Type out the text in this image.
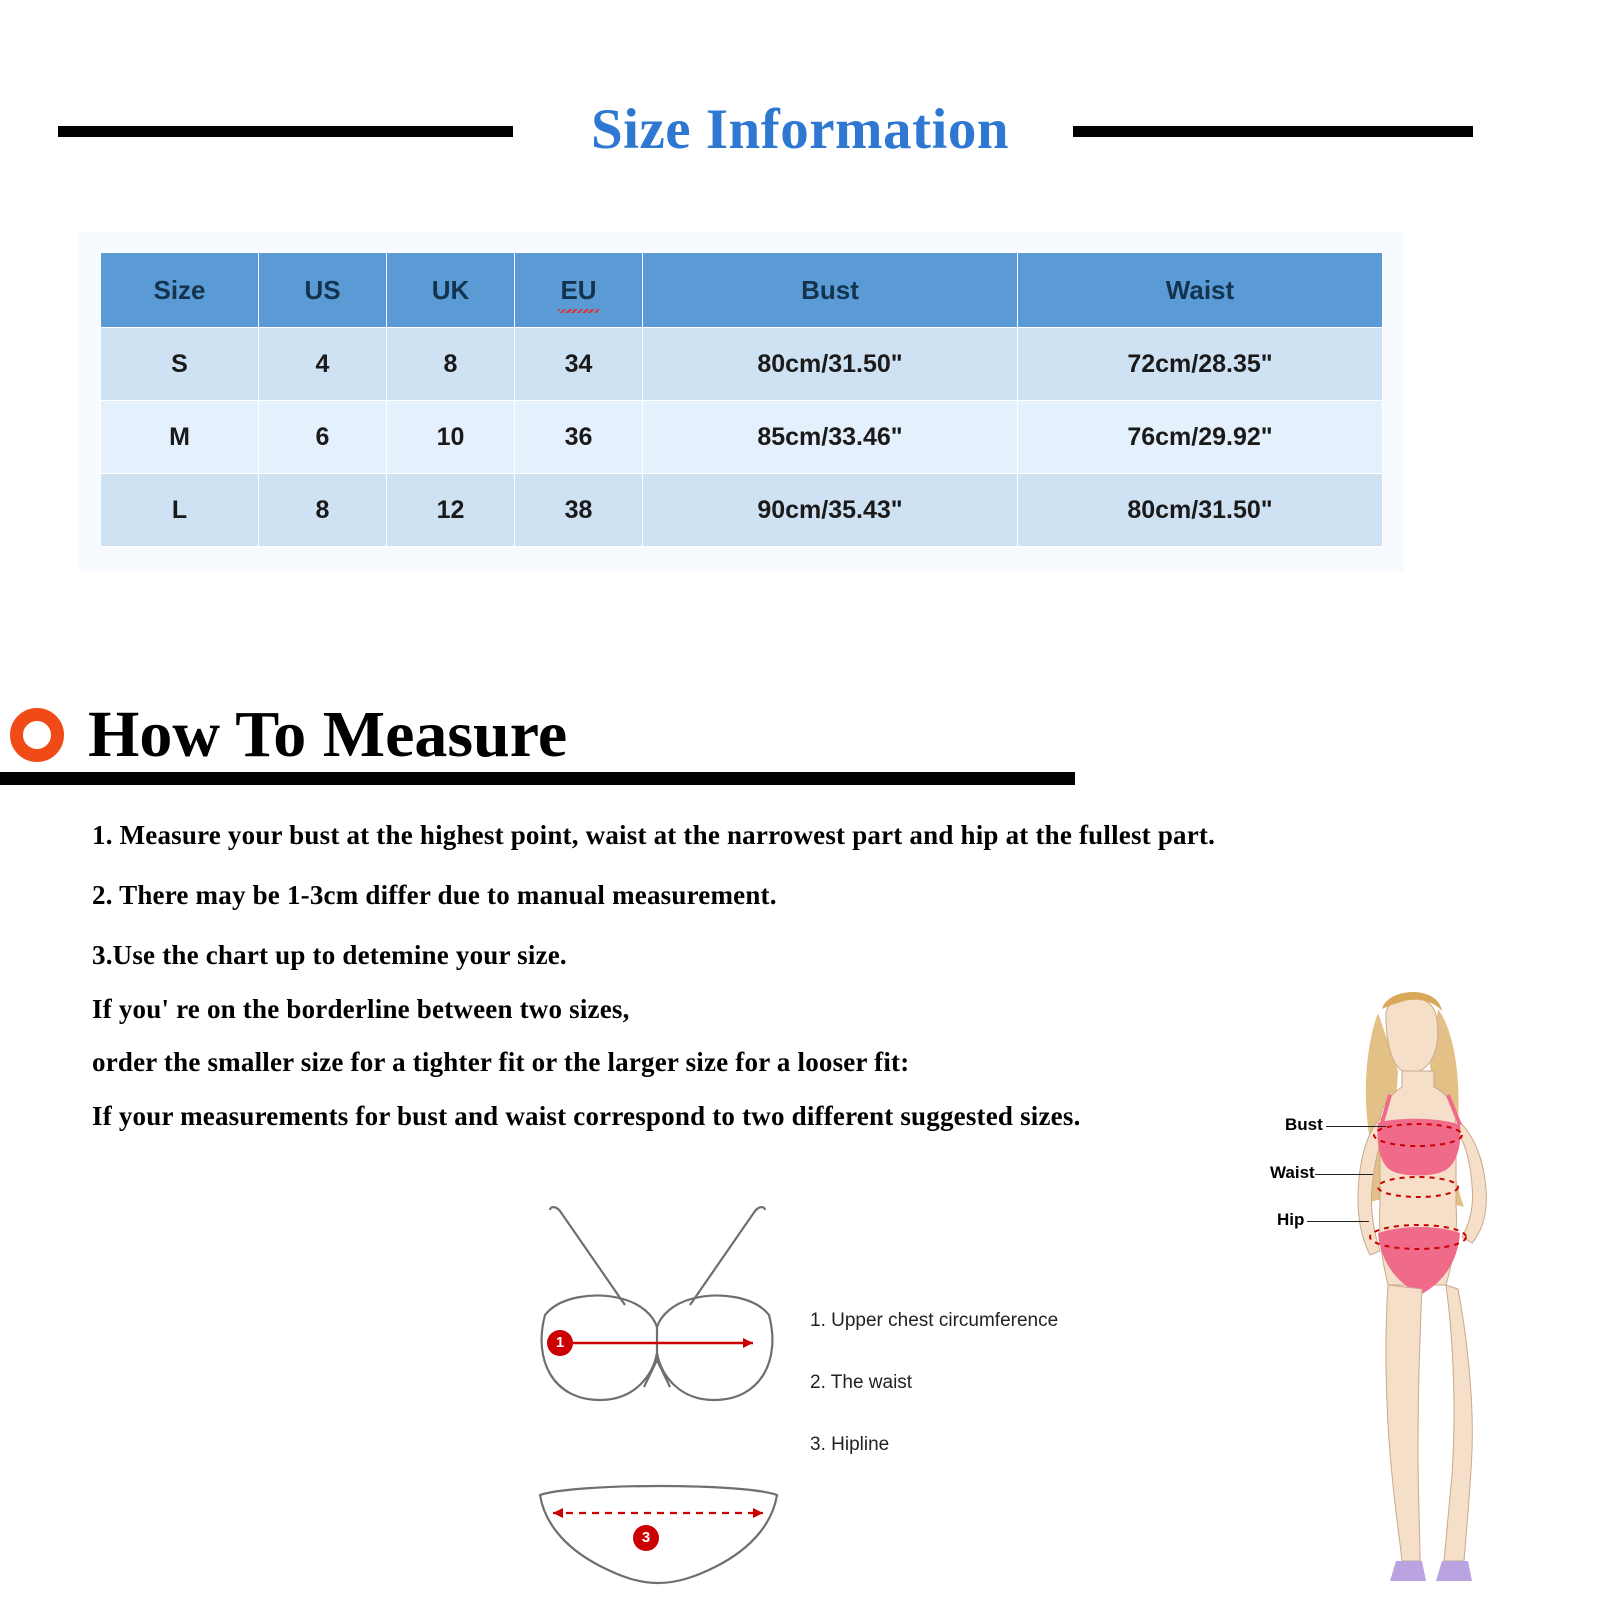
Size Information
Size	US	UK	EU	Bust	Waist
S	4	8	34	80cm/31.50"	72cm/28.35"
M	6	10	36	85cm/33.46"	76cm/29.92"
L	8	12	38	90cm/35.43"	80cm/31.50"
How To Measure

1. Measure your bust at the highest point, waist at the narrowest part and hip at the fullest part.

2. There may be 1-3cm differ due to manual measurement.

3.Use the chart up to detemine your size.

If you' re on the borderline between two sizes,

order the smaller size for a tighter fit or the larger size for a looser fit:

If your measurements for bust and waist correspond to two different suggested sizes.

1
3
1. Upper chest circumference
2. The waist
3. Hipline
Bust
Waist
Hip
